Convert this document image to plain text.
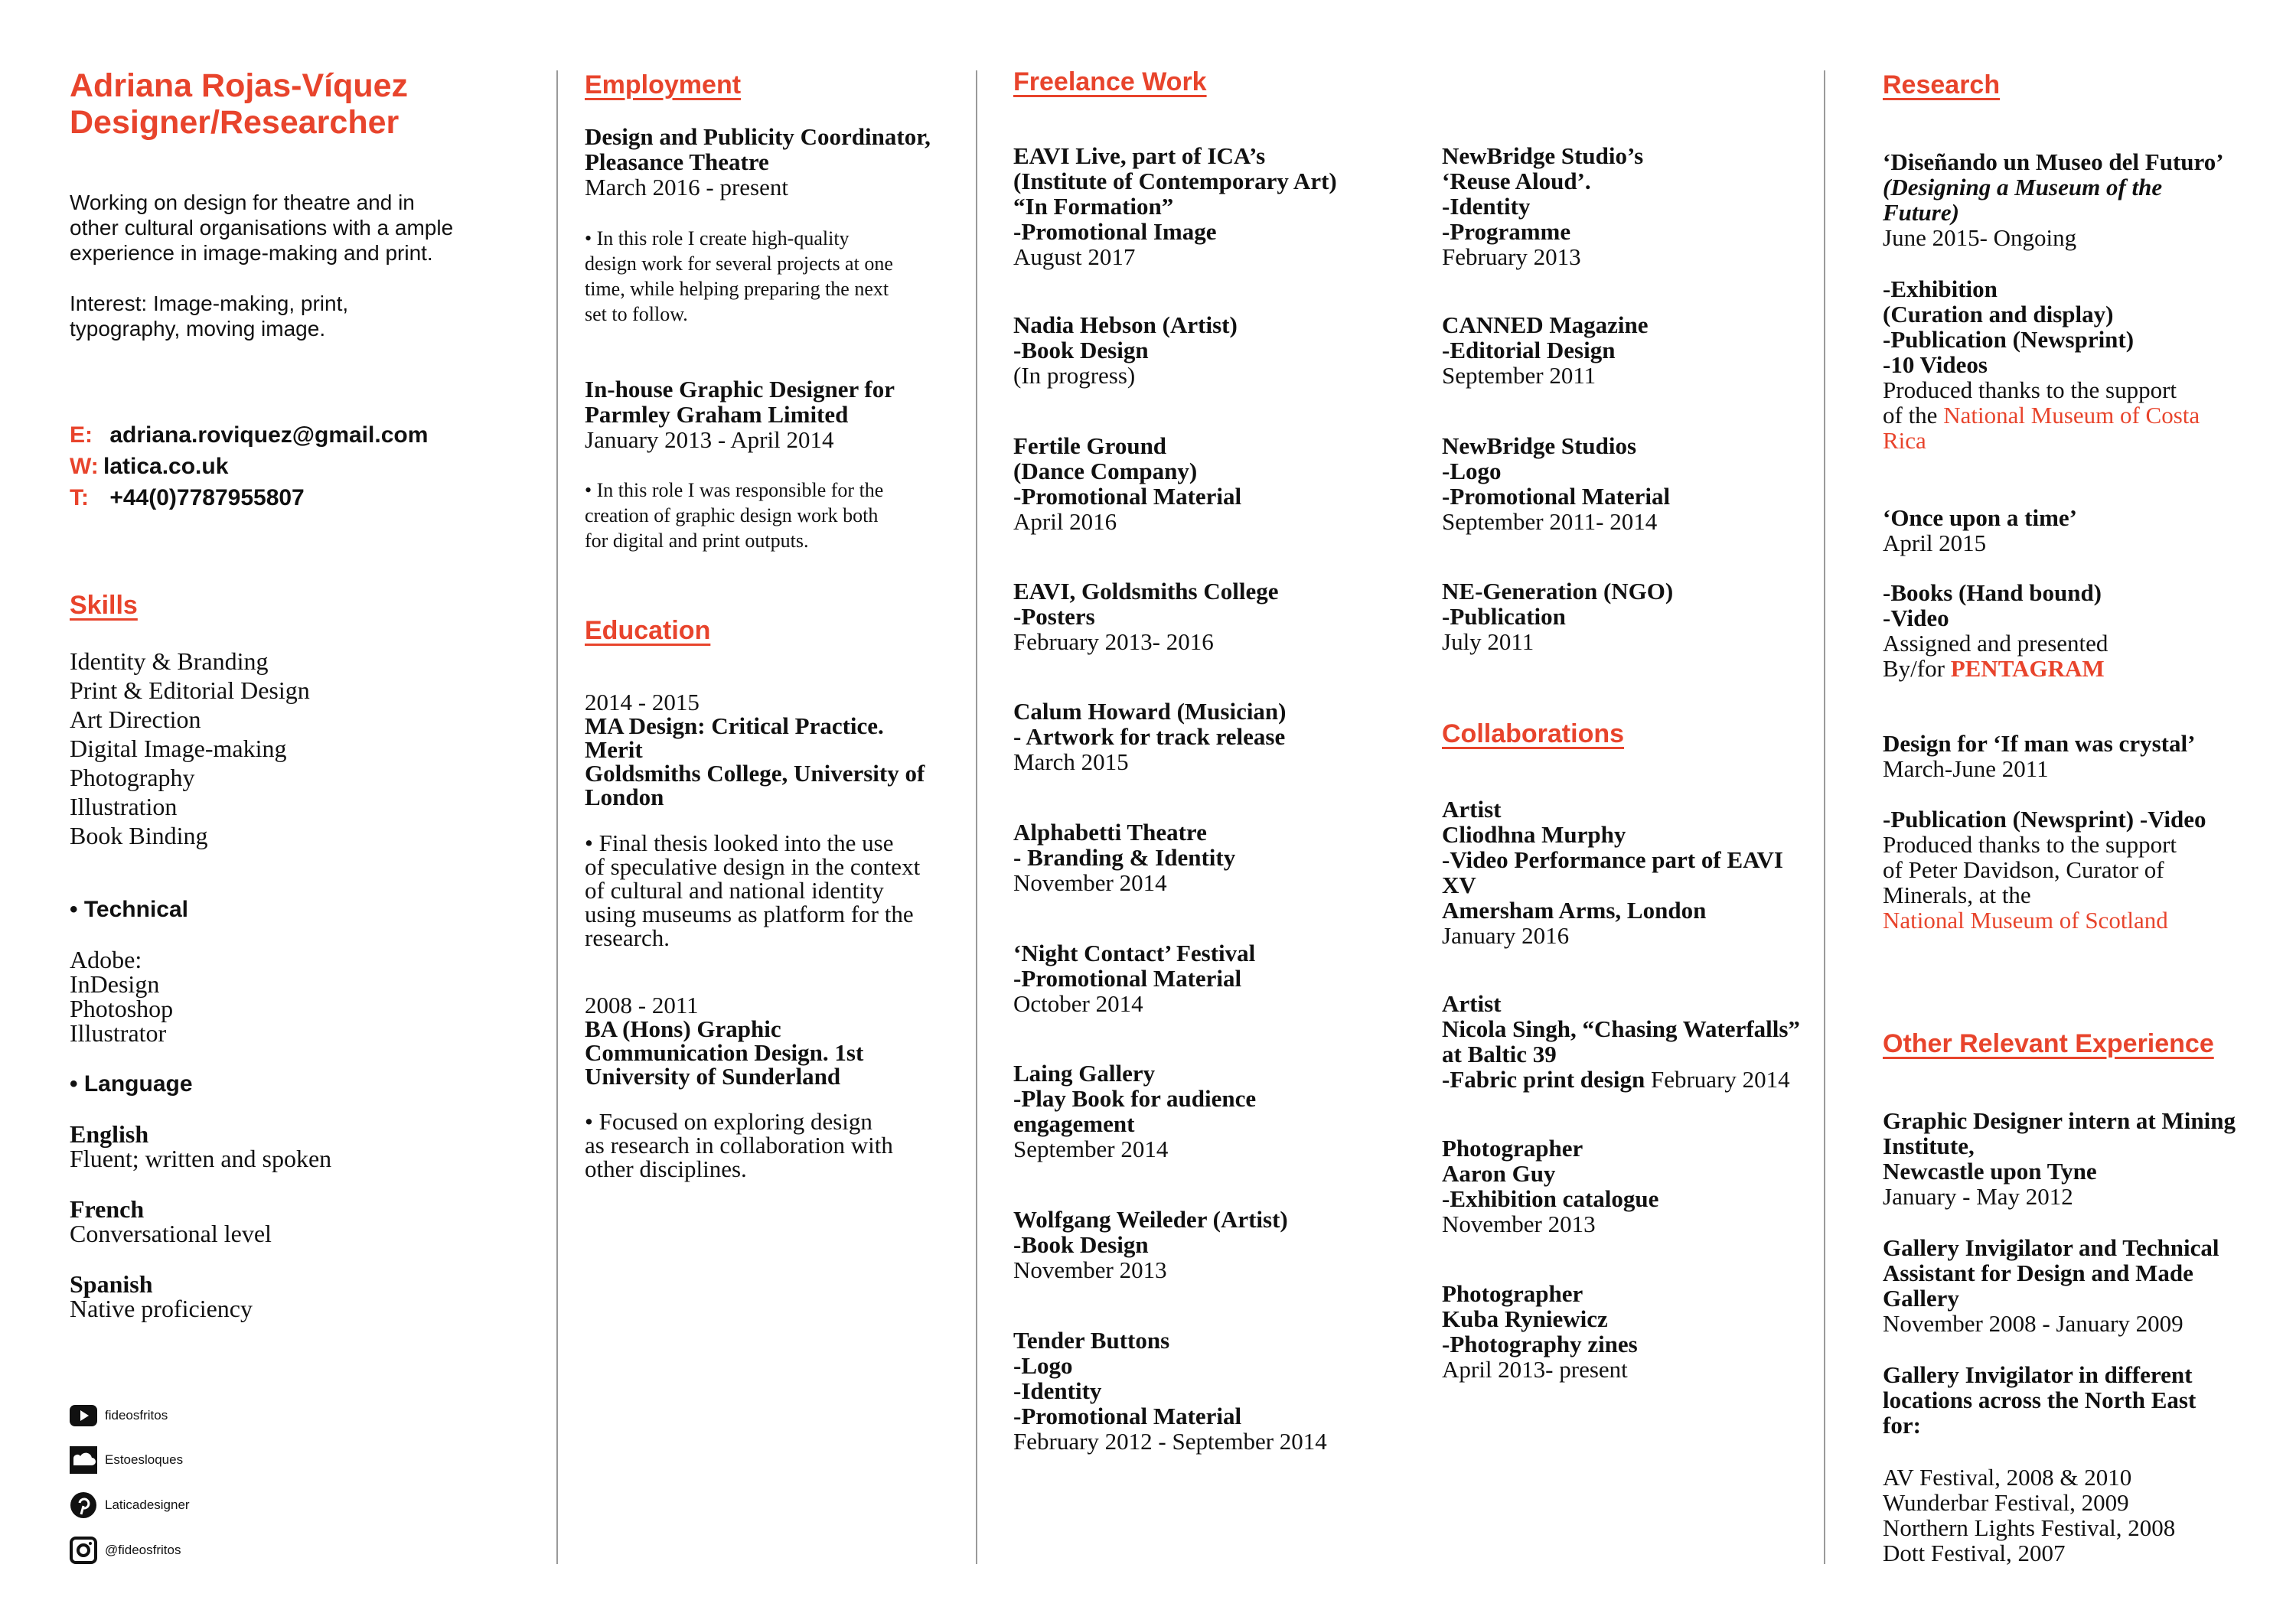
Adriana Rojas-Víquez
Designer/Researcher
Working on design for theatre and in
other cultural organisations with a ample
experience in image-making and print.
Interest: Image-making, print,
typography, moving image.
E: adriana.roviquez@gmail.com
W: latica.co.uk
T: +44(0)7787955807
Skills
Identity & Branding
Print & Editorial Design
Art Direction
Digital Image-making
Photography
Illustration
Book Binding
• Technical
Adobe:
InDesign
Photoshop
Illustrator
• Language
English
Fluent; written and spoken
French
Conversational level
Spanish
Native proficiency
fideosfritos
Estoesloques
Laticadesigner
@fideosfritos
Employment
Design and Publicity Coordinator,
Pleasance Theatre
March 2016 - present
• In this role I create high-quality
design work for several projects at one
time, while helping preparing the next
set to follow.
In-house Graphic Designer for
Parmley Graham Limited
January 2013 - April 2014
• In this role I was responsible for the
creation of graphic design work both
for digital and print outputs.
Education
2014 - 2015
MA Design: Critical Practice.
Merit
Goldsmiths College, University of
London
• Final thesis looked into the use
of speculative design in the context
of cultural and national identity
using museums as platform for the
research.
2008 - 2011
BA (Hons) Graphic
Communication Design. 1st
University of Sunderland
• Focused on exploring design
as research in collaboration with
other disciplines.
Freelance Work
EAVI Live, part of ICA’s
(Institute of Contemporary Art)
“In Formation”
-Promotional Image
August 2017
Nadia Hebson (Artist)
-Book Design
(In progress)
Fertile Ground
(Dance Company)
-Promotional Material
April 2016
EAVI, Goldsmiths College
-Posters
February 2013- 2016
Calum Howard (Musician)
- Artwork for track release
March 2015
Alphabetti Theatre
- Branding & Identity
November 2014
‘Night Contact’ Festival
-Promotional Material
October 2014
Laing Gallery
-Play Book for audience
engagement
September 2014
Wolfgang Weileder (Artist)
-Book Design
November 2013
Tender Buttons
-Logo
-Identity
-Promotional Material
February 2012 - September 2014
NewBridge Studio’s
‘Reuse Aloud’.
-Identity
-Programme
February 2013
CANNED Magazine
-Editorial Design
September 2011
NewBridge Studios
-Logo
-Promotional Material
September 2011- 2014
NE-Generation (NGO)
-Publication
July 2011
Collaborations
Artist
Cliodhna Murphy
-Video Performance part of EAVI
XV
Amersham Arms, London
January 2016
Artist
Nicola Singh, “Chasing Waterfalls”
at Baltic 39
-Fabric print design February 2014
Photographer
Aaron Guy
-Exhibition catalogue
November 2013
Photographer
Kuba Ryniewicz
-Photography zines
April 2013- present
Research
‘Diseñando un Museo del Futuro’
(Designing a Museum of the
Future)
June 2015- Ongoing
-Exhibition
(Curation and display)
-Publication (Newsprint)
-10 Videos
Produced thanks to the support
of the National Museum of Costa
Rica
‘Once upon a time’
April 2015
-Books (Hand bound)
-Video
Assigned and presented
By/for PENTAGRAM
Design for ‘If man was crystal’
March-June 2011
-Publication (Newsprint) -Video
Produced thanks to the support
of Peter Davidson, Curator of
Minerals, at the
National Museum of Scotland
Other Relevant Experience
Graphic Designer intern at Mining
Institute,
Newcastle upon Tyne
January - May 2012
Gallery Invigilator and Technical
Assistant for Design and Made
Gallery
November 2008 - January 2009
Gallery Invigilator in different
locations across the North East
for:
AV Festival, 2008 & 2010
Wunderbar Festival, 2009
Northern Lights Festival, 2008
Dott Festival, 2007
